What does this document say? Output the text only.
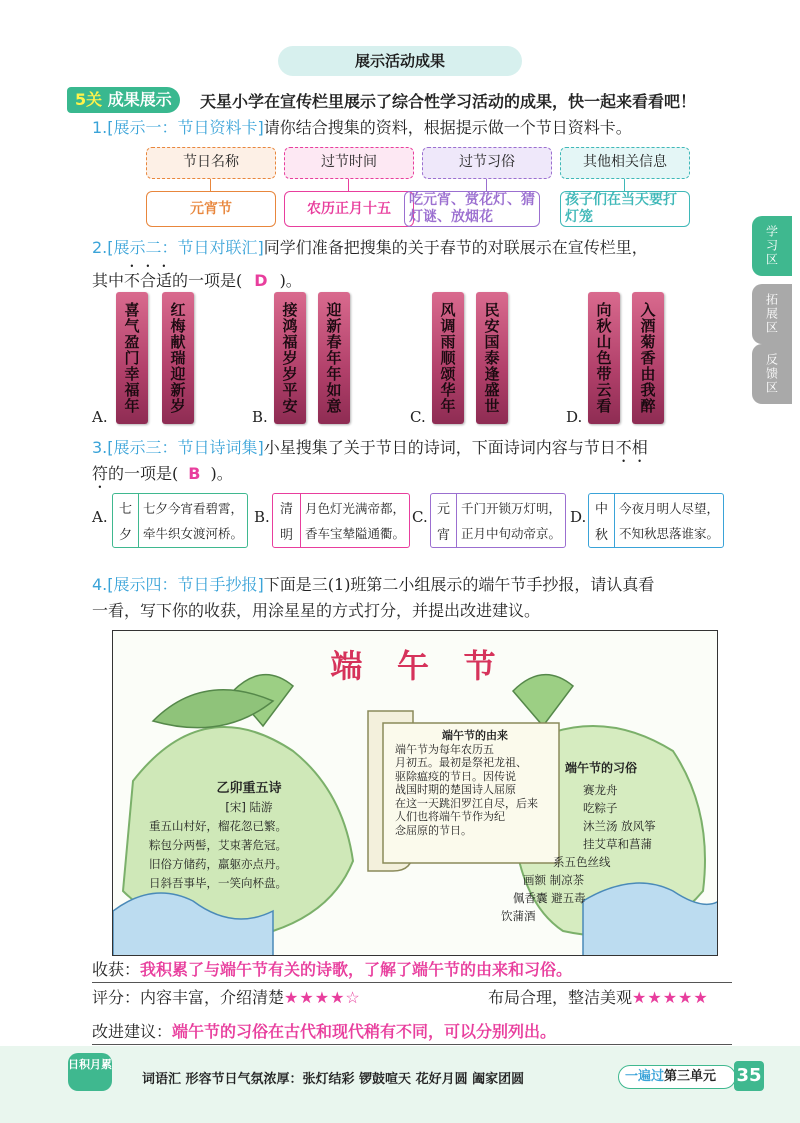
展示活动成果
5关 成果展示	天星小学在宣传栏里展示了综合性学习活动的成果，快一起来看看吧！
1.[展示一：节日资料卡]请你结合搜集的资料，根据提示做一个节日资料卡。
节日名称
元宵节
过节时间
农历正月十五
过节习俗
吃元宵、赏花灯、猜灯谜、放烟花
其他相关信息
孩子们在当天要打灯笼
2.[展示二：节日对联汇]同学们准备把搜集的关于春节的对联展示在宣传栏里，
其中不合适的一项是( D )。
喜气盈门幸福年 红梅献瑞迎新岁
A.
接鸿福岁岁平安 迎新春年年如意
B.
风调雨顺颂华年 民安国泰逢盛世
C.
向秋山色带云看 入酒菊香由我醉
D.
3.[展示三：节日诗词集]小星搜集了关于节日的诗词，下面诗词内容与节日不相
符的一项是( B )。
A. 七
夕
七夕今宵看碧霄，
牵牛织女渡河桥。
B. 清
明
月色灯光满帝都，
香车宝辇隘通衢。
C. 元
宵
千门开锁万灯明，
正月中旬动帝京。
D. 中
秋
今夜月明人尽望，
不知秋思落谁家。
4.[展示四：节日手抄报]下面是三(1)班第二小组展示的端午节手抄报，请认真看
一看，写下你的收获，用涂星星的方式打分，并提出改进建议。
端 午 节
端午节的由来
端午节为每年农历五
月初五。最初是祭祀龙祖、
驱除瘟疫的节日。因传说
战国时期的楚国诗人屈原
在这一天跳汨罗江自尽，后来
人们也将端午节作为纪
念屈原的节日。
乙卯重五诗
[宋] 陆游
重五山村好，榴花忽已繁。
粽包分两髻，艾束著危冠。
旧俗方储药，羸躯亦点丹。
日斜吾事毕，一笑向杯盘。
端午节的习俗
赛龙舟
吃粽子
沐兰汤 放风筝
挂艾草和菖蒲
系五色丝线
画额 制凉茶
佩香囊 避五毒
饮蒲酒
收获：我积累了与端午节有关的诗歌，了解了端午节的由来和习俗。
评分：内容丰富，介绍清楚★★★★☆	布局合理，整洁美观★★★★★
改进建议：端午节的习俗在古代和现代稍有不同，可以分别列出。
学习区
拓展区
反馈区
日积月累
词语汇 形容节日气氛浓厚：张灯结彩 锣鼓喧天 花好月圆 阖家团圆	一遍过第三单元	35
